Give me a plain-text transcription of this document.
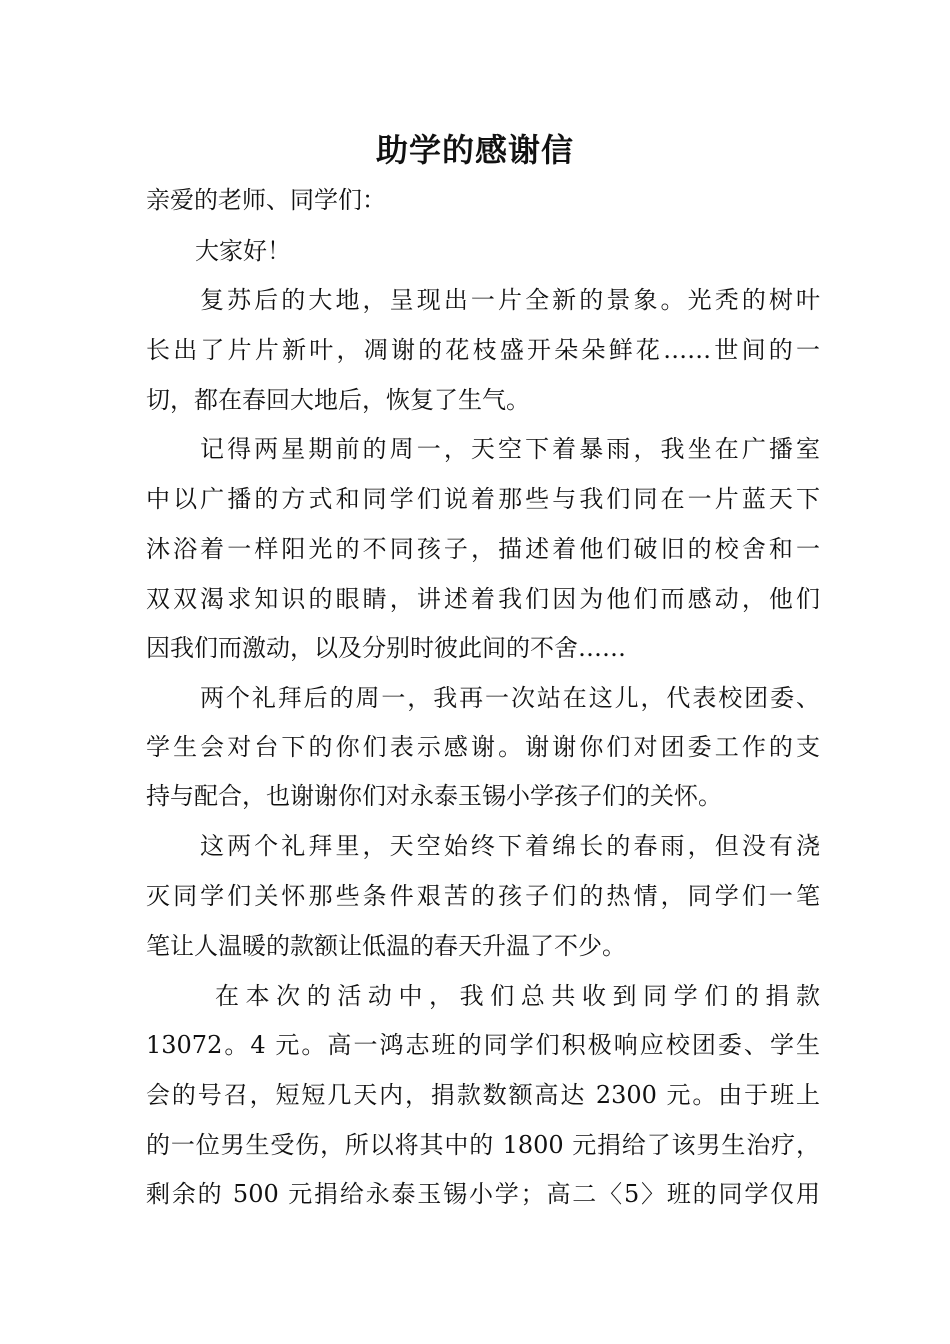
助学的感谢信
亲爱的老师、同学们：
大家好！
复苏后的大地，呈现出一片全新的景象。光秃的树叶
长出了片片新叶，凋谢的花枝盛开朵朵鲜花……世间的一
切，都在春回大地后，恢复了生气。
记得两星期前的周一，天空下着暴雨，我坐在广播室
中以广播的方式和同学们说着那些与我们同在一片蓝天下
沐浴着一样阳光的不同孩子，描述着他们破旧的校舍和一
双双渴求知识的眼睛，讲述着我们因为他们而感动，他们
因我们而激动，以及分别时彼此间的不舍……
两个礼拜后的周一，我再一次站在这儿，代表校团委、
学生会对台下的你们表示感谢。谢谢你们对团委工作的支
持与配合，也谢谢你们对永泰玉锡小学孩子们的关怀。
这两个礼拜里，天空始终下着绵长的春雨，但没有浇
灭同学们关怀那些条件艰苦的孩子们的热情，同学们一笔
笔让人温暖的款额让低温的春天升温了不少。
在本次的活动中，我们总共收到同学们的捐款
13072。4 元。高一鸿志班的同学们积极响应校团委、学生
会的号召，短短几天内，捐款数额高达 2300 元。由于班上
的一位男生受伤，所以将其中的 1800 元捐给了该男生治疗，
剩余的 500 元捐给永泰玉锡小学；高二〈5〉班的同学仅用
